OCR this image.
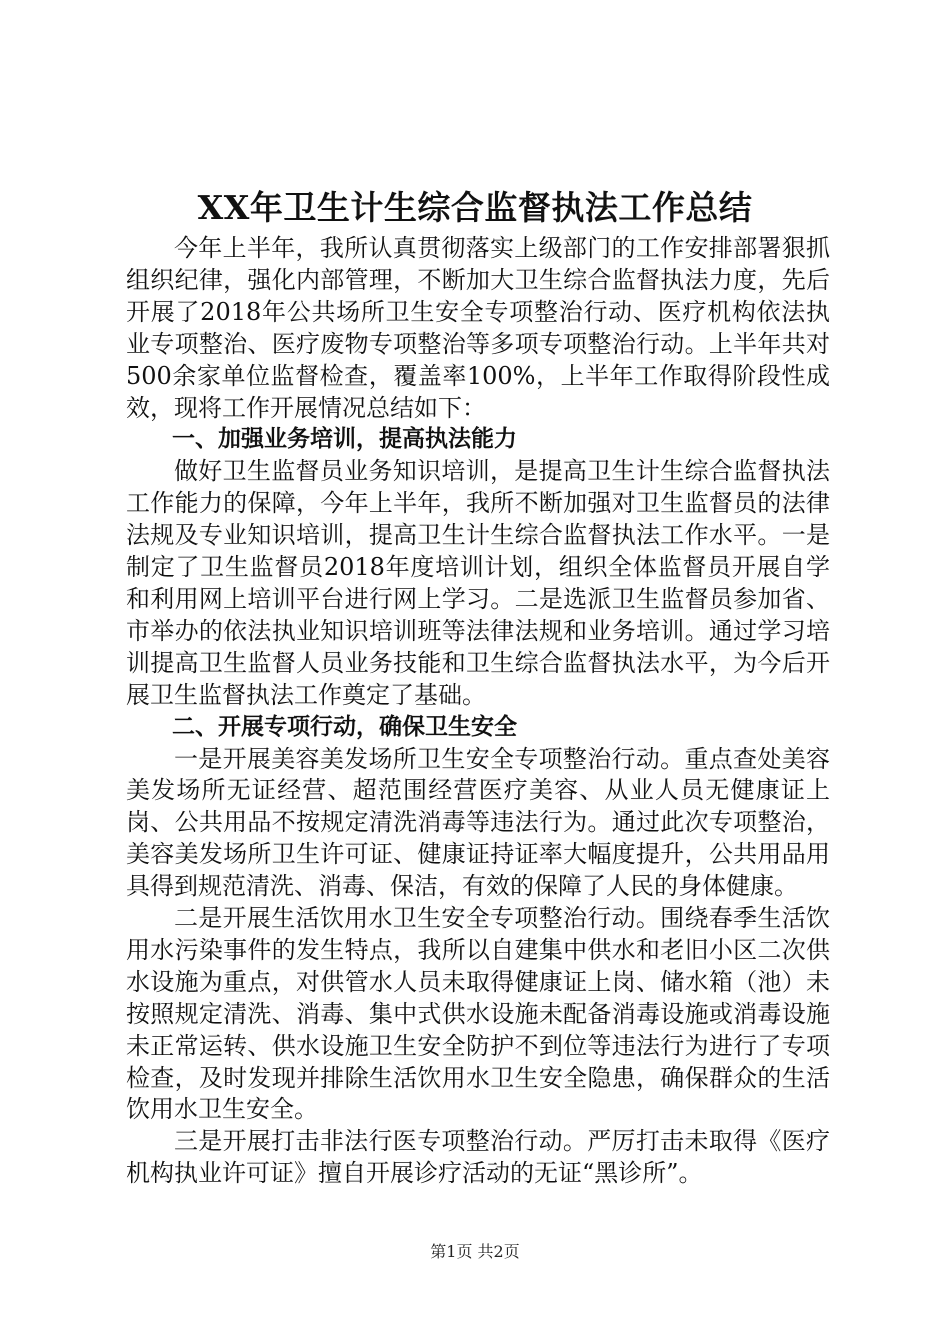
XX年卫生计生综合监督执法工作总结

今年上半年，我所认真贯彻落实上级部门的工作安排部署狠抓组织纪律，强化内部管理，不断加大卫生综合监督执法力度，先后开展了2018年公共场所卫生安全专项整治行动、医疗机构依法执业专项整治、医疗废物专项整治等多项专项整治行动。上半年共对500余家单位监督检查，覆盖率100%，上半年工作取得阶段性成效，现将工作开展情况总结如下：

一、加强业务培训，提高执法能力

做好卫生监督员业务知识培训，是提高卫生计生综合监督执法工作能力的保障，今年上半年，我所不断加强对卫生监督员的法律法规及专业知识培训，提高卫生计生综合监督执法工作水平。一是制定了卫生监督员2018年度培训计划，组织全体监督员开展自学和利用网上培训平台进行网上学习。二是选派卫生监督员参加省、市举办的依法执业知识培训班等法律法规和业务培训。通过学习培训提高卫生监督人员业务技能和卫生综合监督执法水平，为今后开展卫生监督执法工作奠定了基础。

二、开展专项行动，确保卫生安全

一是开展美容美发场所卫生安全专项整治行动。重点查处美容美发场所无证经营、超范围经营医疗美容、从业人员无健康证上岗、公共用品不按规定清洗消毒等违法行为。通过此次专项整治，美容美发场所卫生许可证、健康证持证率大幅度提升，公共用品用具得到规范清洗、消毒、保洁，有效的保障了人民的身体健康。

二是开展生活饮用水卫生安全专项整治行动。围绕春季生活饮用水污染事件的发生特点，我所以自建集中供水和老旧小区二次供水设施为重点，对供管水人员未取得健康证上岗、储水箱（池）未按照规定清洗、消毒、集中式供水设施未配备消毒设施或消毒设施未正常运转、供水设施卫生安全防护不到位等违法行为进行了专项检查，及时发现并排除生活饮用水卫生安全隐患，确保群众的生活饮用水卫生安全。

三是开展打击非法行医专项整治行动。严厉打击未取得《医疗机构执业许可证》擅自开展诊疗活动的无证“黑诊所”。

第1页 共2页
